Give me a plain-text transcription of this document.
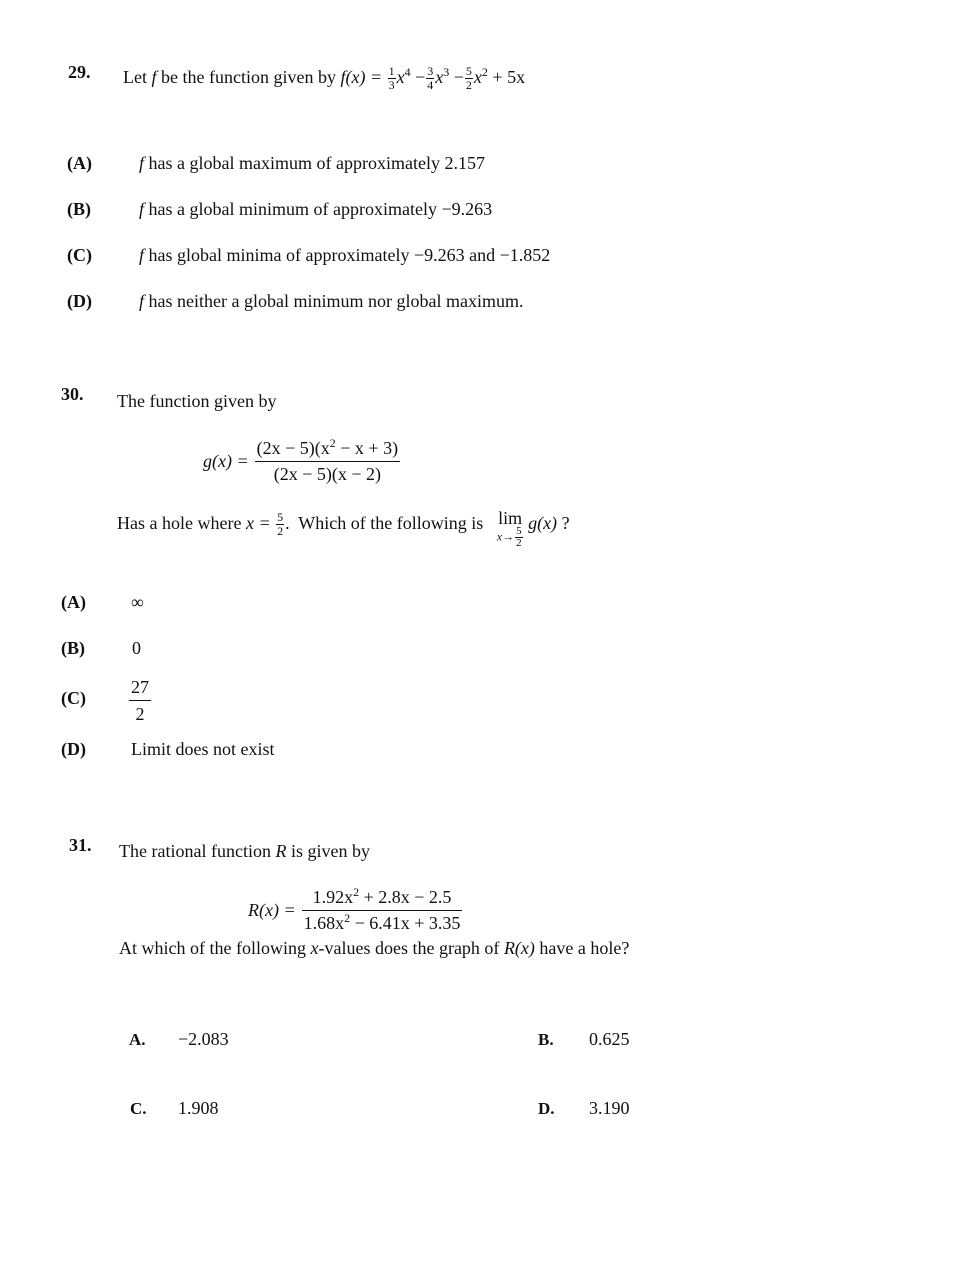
29. Let f be the function given by $f(x) = \frac{1}{3} x^4 - \frac{3}{4} x^3 - \frac{5}{2} x^2 + 5x$
(A)	f has a global maximum of approximately 2.157
(B)	f has a global minimum of approximately −9.263
(C)	f has global minima of approximately −9.263 and −1.852
(D)	f has neither a global minimum nor global maximum.
30. The function given by
$g(x) = \frac{(2x - 5)(x^2 - x + 3)}{(2x - 5)(x - 2)}$
Has a hole where $x = \frac{5}{2}$ .  Which of the following is lim
$x\to \frac{5}{2}$
g(x) ?
(A)	∞
(B)	0
$(C) \frac{27}{2}$
(D)	Limit does not exist
31. The rational function R is given by
$R(x) = \frac{1.92x^2 + 2.8x - 2.5}{1.68x^2 - 6.41x + 3.35}$
At which of the following x-values does the graph of R(x) have a hole?
A. −2.083	B. 0.625
C. 1.908	D. 3.190
